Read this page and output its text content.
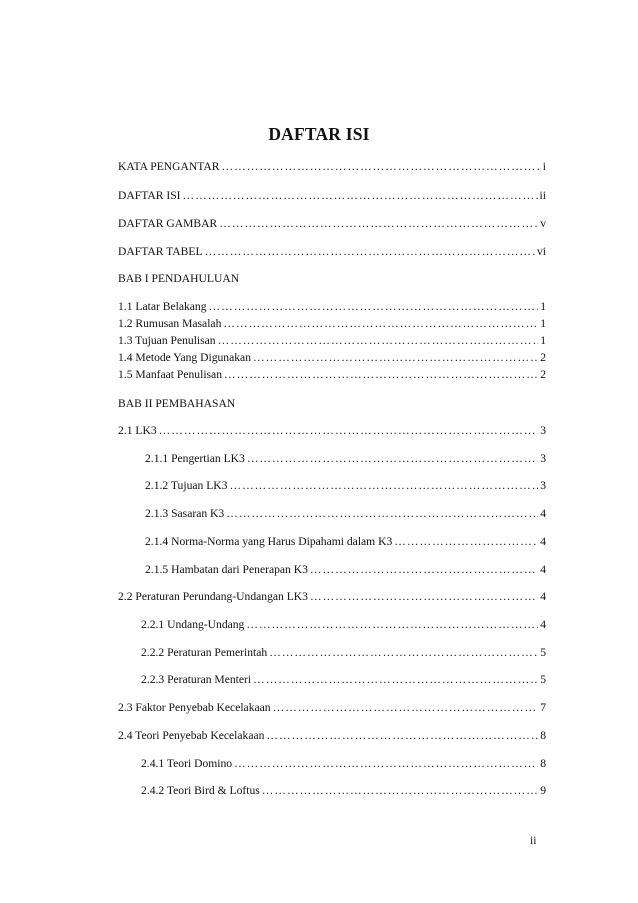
DAFTAR ISI
KATA PENGANTAR …………………………………………………………………………………………………………………………………………	i
DAFTAR ISI …………………………………………………………………………………………………………………………………………	ii
DAFTAR GAMBAR …………………………………………………………………………………………………………………………………………	v
DAFTAR TABEL …………………………………………………………………………………………………………………………………………	vi
BAB I PENDAHULUAN
1.1 Latar Belakang …………………………………………………………………………………………………………………………………………	1
1.2 Rumusan Masalah …………………………………………………………………………………………………………………………………………	1
1.3 Tujuan Penulisan …………………………………………………………………………………………………………………………………………	1
1.4 Metode Yang Digunakan …………………………………………………………………………………………………………………………………………	2
1.5 Manfaat Penulisan …………………………………………………………………………………………………………………………………………	2
BAB II PEMBAHASAN
2.1 LK3 …………………………………………………………………………………………………………………………………………	3
2.1.1 Pengertian LK3 …………………………………………………………………………………………………………………………………………	3
2.1.2 Tujuan LK3 …………………………………………………………………………………………………………………………………………	3
2.1.3 Sasaran K3 …………………………………………………………………………………………………………………………………………	4
2.1.4 Norma-Norma yang Harus Dipahami dalam K3 …………………………………………………………………………………………………………………………………………	4
2.1.5 Hambatan dari Penerapan K3 …………………………………………………………………………………………………………………………………………	4
2.2 Peraturan Perundang-Undangan LK3 …………………………………………………………………………………………………………………………………………	4
2.2.1 Undang-Undang …………………………………………………………………………………………………………………………………………	4
2.2.2 Peraturan Pemerintah …………………………………………………………………………………………………………………………………………	5
2.2.3 Peraturan Menteri …………………………………………………………………………………………………………………………………………	5
2.3 Faktor Penyebab Kecelakaan …………………………………………………………………………………………………………………………………………	7
2.4 Teori Penyebab Kecelakaan …………………………………………………………………………………………………………………………………………	8
2.4.1 Teori Domino …………………………………………………………………………………………………………………………………………	8
2.4.2 Teori Bird & Loftus …………………………………………………………………………………………………………………………………………	9
ii
